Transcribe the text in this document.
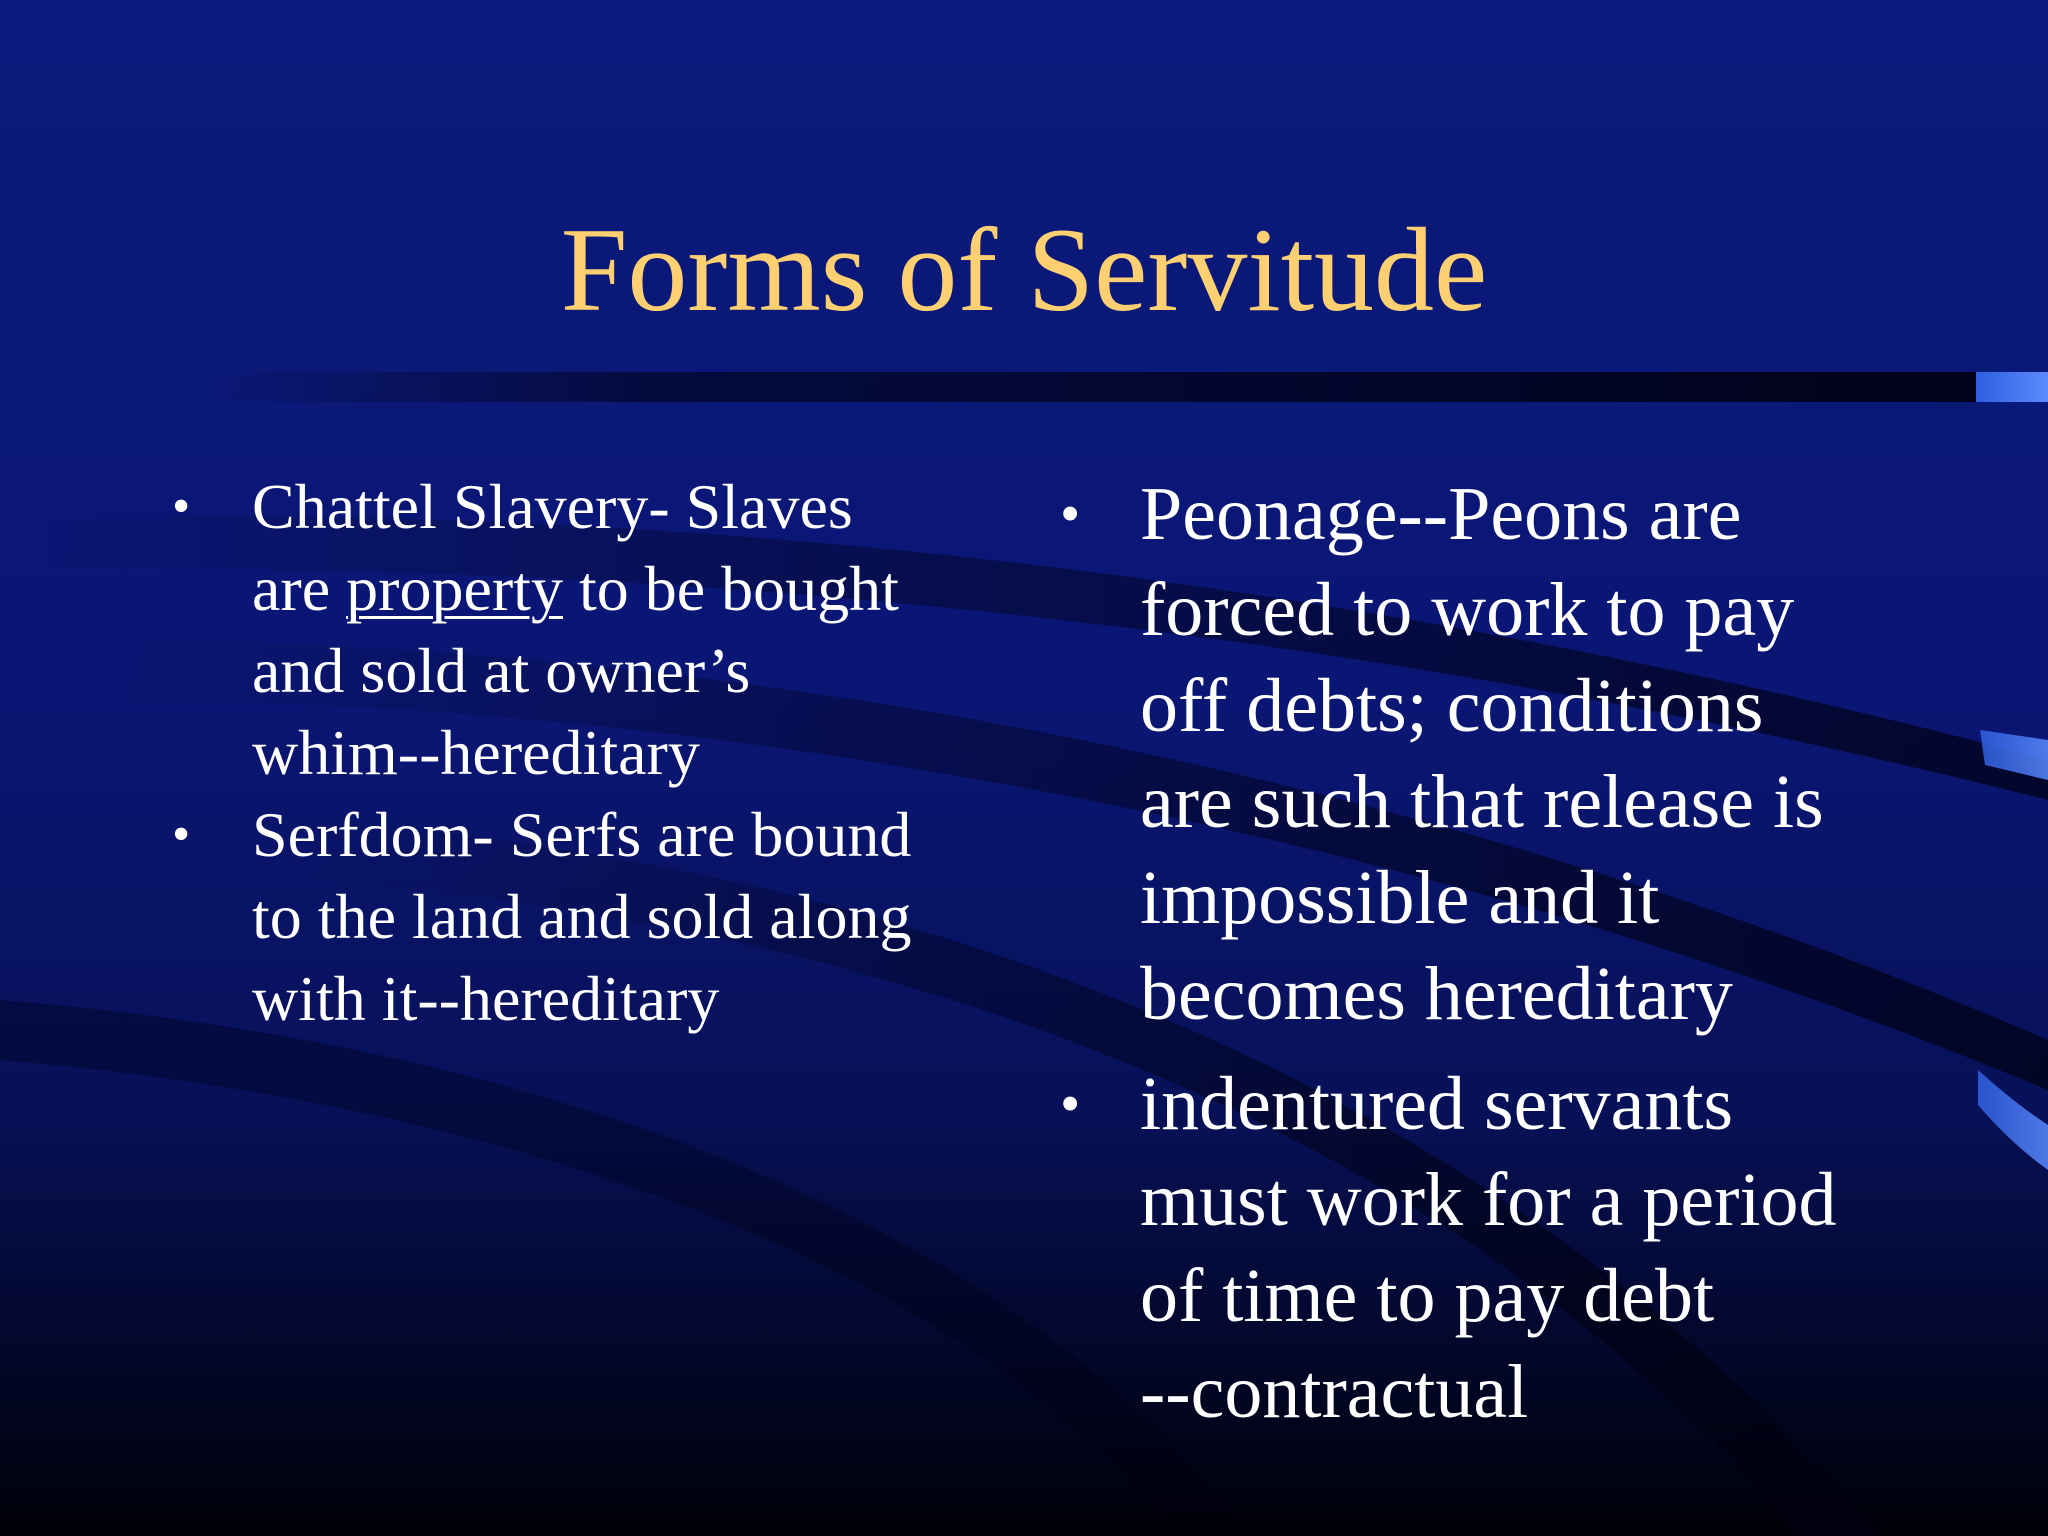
Forms of Servitude
• Chattel Slavery- Slaves
are property to be bought
and sold at owner’s
whim--hereditary
• Serfdom- Serfs are bound
to the land and sold along
with it--hereditary
• Peonage--Peons are
forced to work to pay
off debts; conditions
are such that release is
impossible and it
becomes hereditary
• indentured servants
must work for a period
of time to pay debt
--contractual
